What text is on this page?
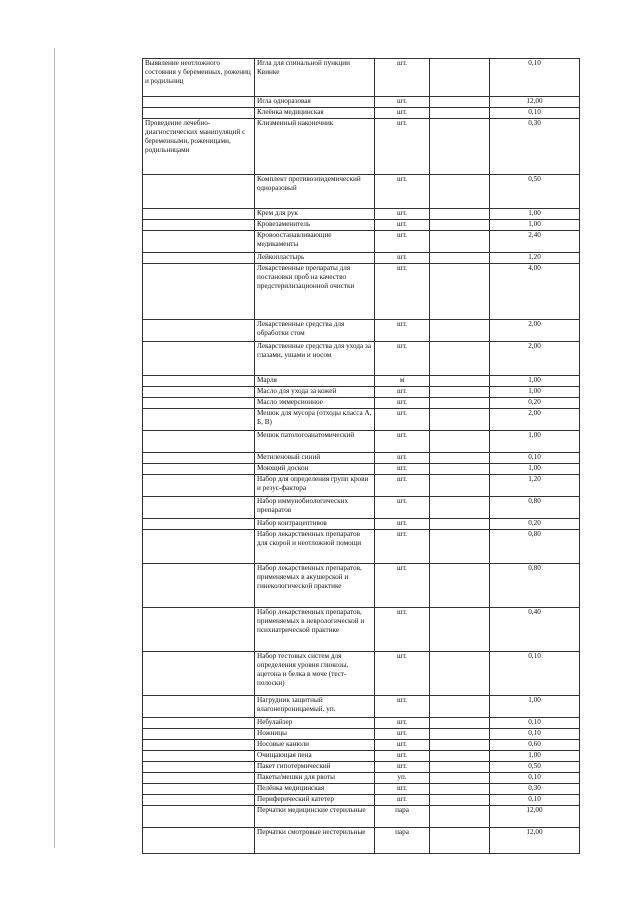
Выявление неотложного состояния у беременных, рожениц и родильниц	Игла для спинальной пункции Квинке	шт.		0,10
	Игла одноразовая	шт.		12,00
	Клеёнка медицинская	шт.		0,10
Проведение лечебно-диагностических манипуляций с беременными, роженицами, родильницами	Клизменный наконечник	шт.		0,30
	Комплект противоэпидемический одноразовый	шт.		0,50
	Крем для рук	шт.		1,00
	Кровезаменитель	шт.		1,00
	Кровоостанавливающие медикаменты	шт.		2,40
	Лейкопластырь	шт.		1,20
	Лекарственные препараты для постановки проб на качество предстерилизационной очистки	шт.		4,00
	Лекарственные средства для обработки стом	шт.		2,00
	Лекарственные средства для ухода за глазами, ушами и носом	шт.		2,00
	Марля	м		1,00
	Масло для ухода за кожей	шт.		1,00
	Масло эммерсионное	шт.		0,20
	Мешок для мусора (отходы класса А, Б, В)	шт.		2,00
	Мешок патологоанатомический	шт.		1,00
	Метиленовый синий	шт.		0,10
	Моющий доскон	шт.		1,00
	Набор для определения групп крови и резус-фактора	шт.		1,20
	Набор иммунобиологических препаратов	шт.		0,80
	Набор контрацептивов	шт.		0,20
	Набор лекарственных препаратов для скорой и неотложной помощи	шт.		0,80
	Набор лекарственных препаратов, применяемых в акушерской и гинекологической практике	шт.		0,80
	Набор лекарственных препаратов, применяемых в неврологической и психиатрической практике	шт.		0,40
	Набор тестовых систем для определения уровня глюкозы, ацетона и белка в моче (тест-полоски)	шт.		0,10
	Нагрудник защитный влагонепроницаемый, уп.	шт.		1,00
	Небулайзер	шт.		0,10
	Ножницы	шт.		0,10
	Носовые канюли	шт.		0,60
	Очищающая пена	шт.		1,00
	Пакет гипотермический	шт.		0,50
	Пакеты/мешки для рвоты	уп.		0,10
	Пелёнка медицинская	шт.		0,30
	Периферический катетер	шт.		0,10
	Перчатки медицинские стерильные	пара		12,00
	Перчатки смотровые нестерильные	пара		12,00
